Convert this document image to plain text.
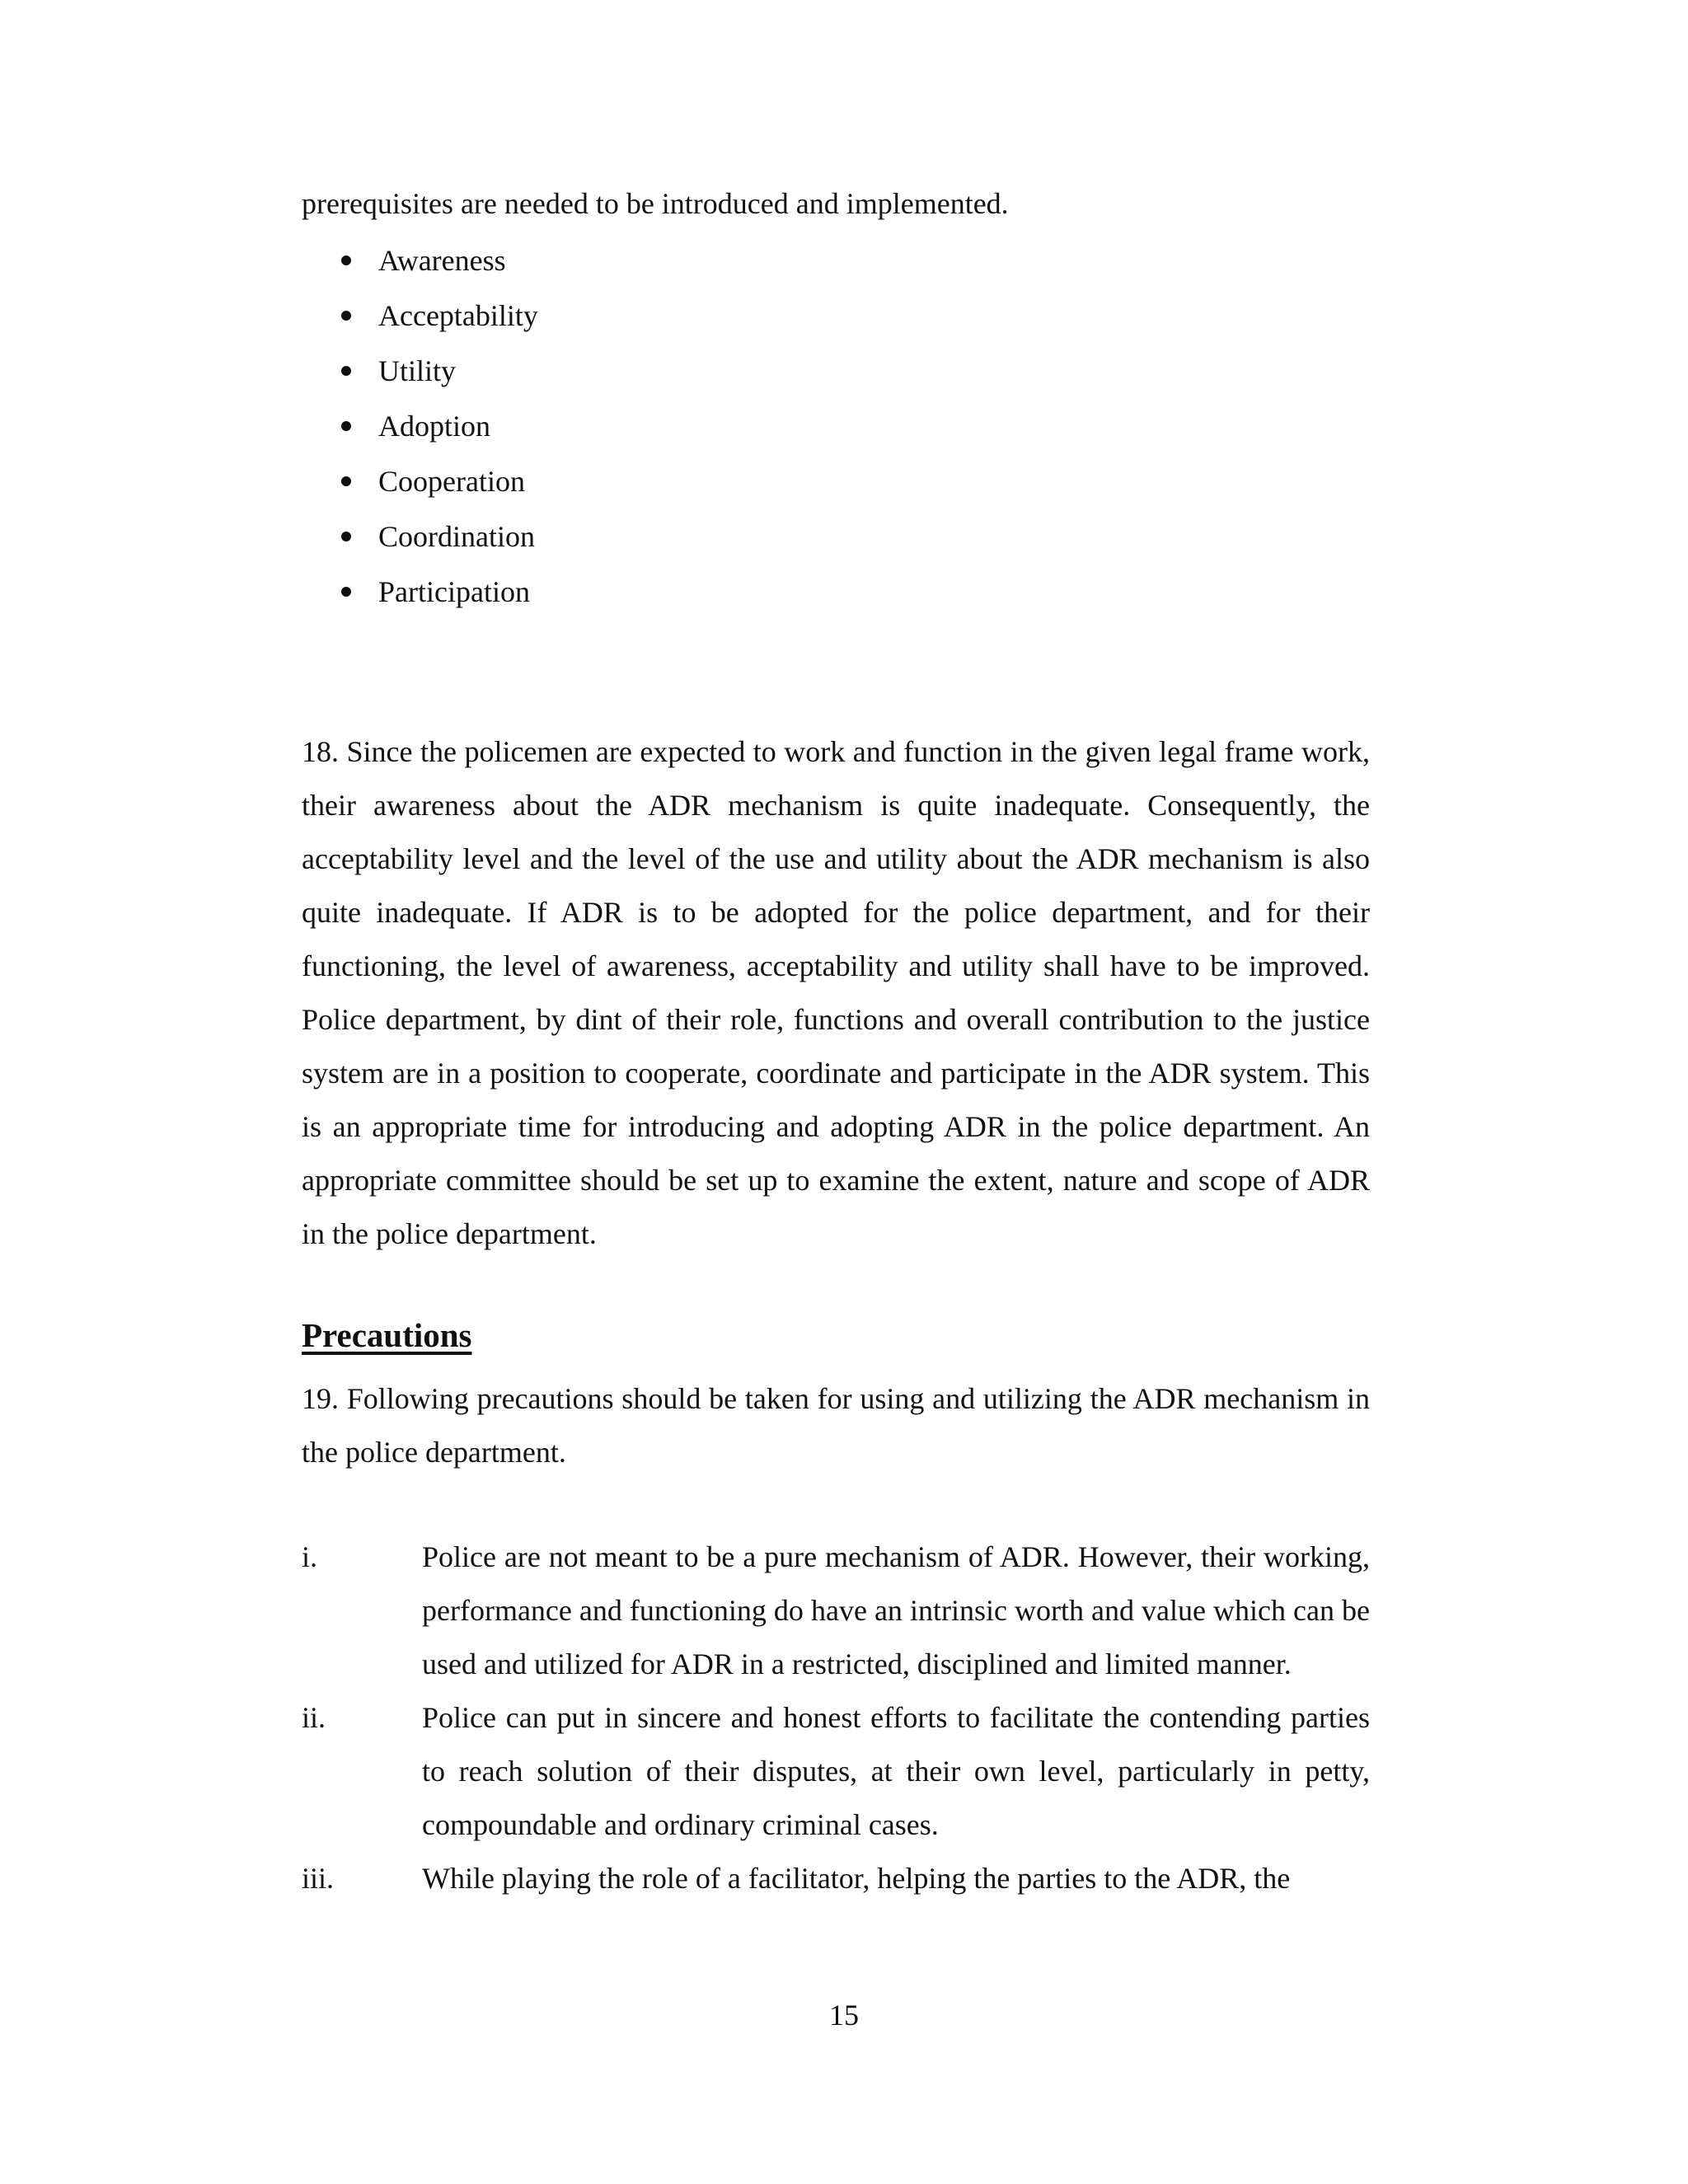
prerequisites are needed to be introduced and implemented.

Awareness
Acceptability
Utility
Adoption
Cooperation
Coordination
Participation

18. Since the policemen are expected to work and function in the given legal frame work, their awareness about the ADR mechanism is quite inadequate. Consequently, the acceptability level and the level of the use and utility about the ADR mechanism is also quite inadequate. If ADR is to be adopted for the police department, and for their functioning, the level of awareness, acceptability and utility shall have to be improved. Police department, by dint of their role, functions and overall contribution to the justice system are in a position to cooperate, coordinate and participate in the ADR system. This is an appropriate time for introducing and adopting ADR in the police department. An appropriate committee should be set up to examine the extent, nature and scope of ADR in the police department.

Precautions

19. Following precautions should be taken for using and utilizing the ADR mechanism in the police department.

i.	Police are not meant to be a pure mechanism of ADR. However, their working, performance and functioning do have an intrinsic worth and value which can be used and utilized for ADR in a restricted, disciplined and limited manner.
ii.	Police can put in sincere and honest efforts to facilitate the contending parties to reach solution of their disputes, at their own level, particularly in petty, compoundable and ordinary criminal cases.
iii.	While playing the role of a facilitator, helping the parties to the ADR, the
15
